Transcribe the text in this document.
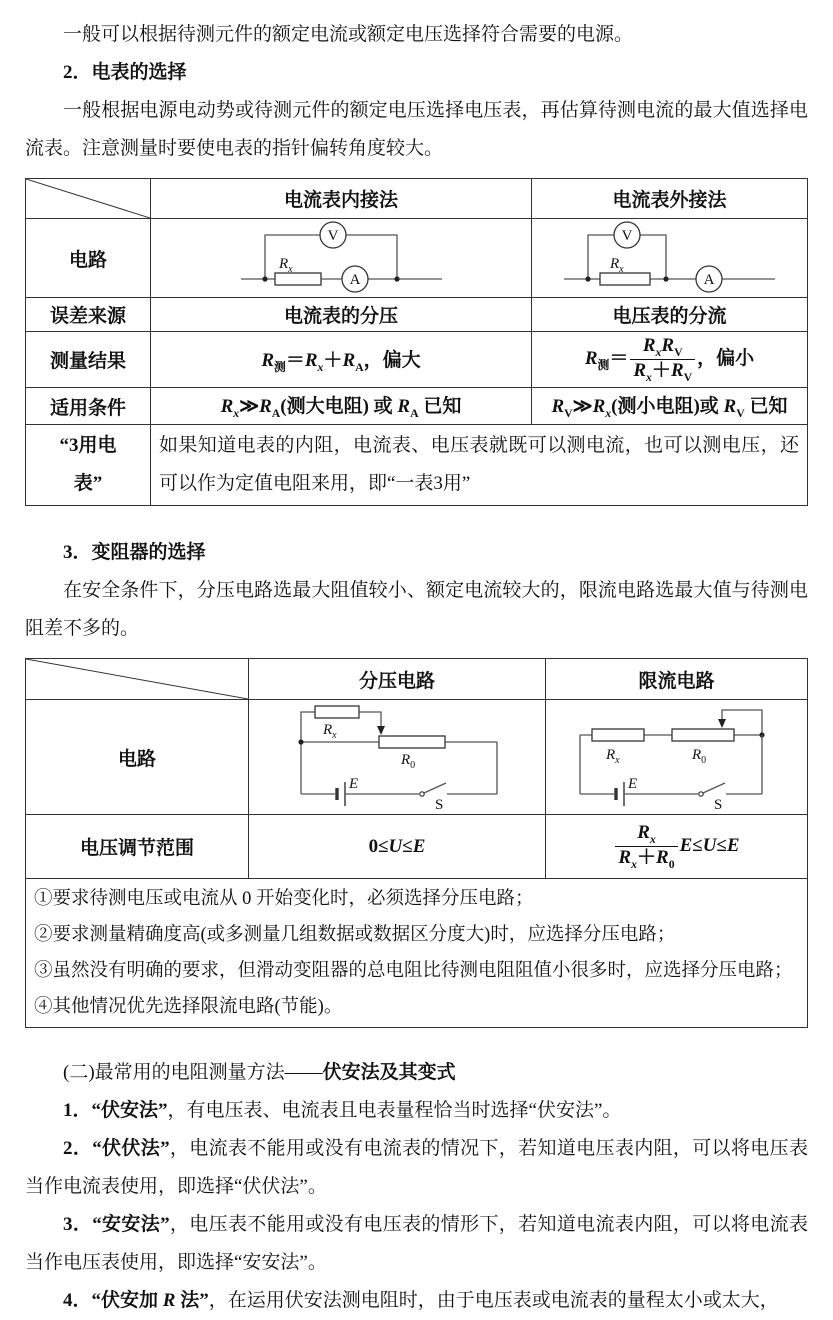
一般可以根据待测元件的额定电流或额定电压选择符合需要的电源。

2．电表的选择

一般根据电源电动势或待测元件的额定电压选择电压表，再估算待测电流的最大值选择电流表。注意测量时要使电表的指针偏转角度较大。

	电流表内接法	电流表外接法
电路	V
$R_x$
A	V
$R_x$
A

误差来源	电流表的分压	电压表的分流
测量结果	$R_测=R_x+R_A$，偏大	$R_测= \frac{R_xR_V}{R_x+R_V}$ ，偏小
适用条件	$R_x≫R_A$(测大电阻) 或 $R_A$ 已知	$R_V≫R_x$(测小电阻)或 $R_V$ 已知

“3用电
表”	如果知道电表的内阻，电流表、电压表就既可以测电流，也可以测电压，还可以作为定值电阻来用，即“一表3用”	

3．变阻器的选择

在安全条件下，分压电路选最大阻值较小、额定电流较大的，限流电路选最大值与待测电阻差不多的。

	分压电路	限流电路
电路	$R_x$
$R_0$
E
S	$R_x$ $R_0$
E
S

电压调节范围	0≤U≤E	$\frac{R_x}{R_x+R_0} E\le U\le E$

①要求待测电压或电流从 0 开始变化时，必须选择分压电路；

②要求测量精确度高(或多测量几组数据或数据区分度大)时，应选择分压电路；

③虽然没有明确的要求，但滑动变阻器的总电阻比待测电阻阻值小很多时，应选择分压电路；

④其他情况优先选择限流电路(节能)。		

(二)最常用的电阻测量方法——伏安法及其变式

1．“伏安法”，有电压表、电流表且电表量程恰当时选择“伏安法”。

2．“伏伏法”，电流表不能用或没有电流表的情况下，若知道电压表内阻，可以将电压表当作电流表使用，即选择“伏伏法”。

3．“安安法”，电压表不能用或没有电压表的情形下，若知道电流表内阻，可以将电流表当作电压表使用，即选择“安安法”。

4．“伏安加 R 法”，在运用伏安法测电阻时，由于电压表或电流表的量程太小或太大，
